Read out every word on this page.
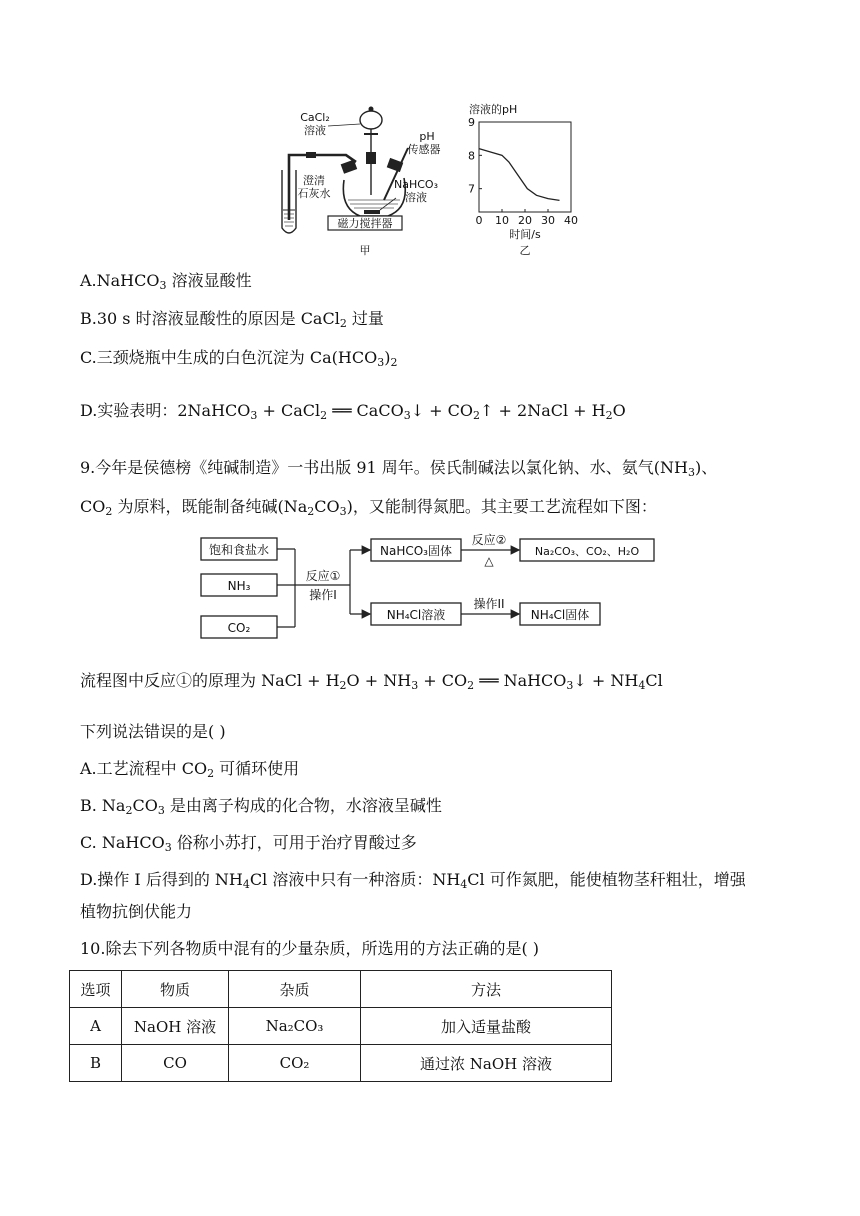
磁力搅拌器
CaCl₂
溶液	pH
传感器
澄清
石灰水
NaHCO₃
溶液
甲
溶液的pH
时间/s
乙
0 10 20 30 40
7
8
9
A.NaHCO$_3$ 溶液显酸性
B.30 s 时溶液显酸性的原因是 CaCl$_2$ 过量
C.三颈烧瓶中生成的白色沉淀为 $Ca(HCO_3)_2$
D.实验表明：2NaHCO$_3$ + CaCl$_2$ ══ CaCO$_3$↓ + $CO_2↑$ + 2NaCl + $H_2O$
9.今年是侯德榜《纯碱制造》一书出版 91 周年。侯氏制碱法以氯化钠、水、氨气$(NH_3)$、
$CO_2$ 为原料，既能制备纯碱$(Na_2CO_3)$，又能制得氮肥。其主要工艺流程如下图：
饱和食盐水
NH₃
CO₂
反应①
操作I
NaHCO₃固体
反应②
△
Na₂CO₃、CO₂、H₂O
NH₄Cl溶液
操作II
NH₄Cl固体
流程图中反应①的原理为 NaCl + $H_2O + NH_3 + CO_2$ ══ NaHCO$_3$↓ + $NH_4Cl$
下列说法错误的是( )
A.工艺流程中 $CO_2$ 可循环使用
B. $Na_2CO_3$ 是由离子构成的化合物，水溶液呈碱性
C. NaHCO$_3$ 俗称小苏打，可用于治疗胃酸过多
D.操作 I 后得到的 $NH_4Cl$ 溶液中只有一种溶质：$NH_4Cl$ 可作氮肥，能使植物茎秆粗壮，增强
植物抗倒伏能力
10.除去下列各物质中混有的少量杂质，所选用的方法正确的是( )
选项	物质	杂质	方法
A	NaOH 溶液	Na₂CO₃	加入适量盐酸
B	CO	CO₂	通过浓 NaOH 溶液
